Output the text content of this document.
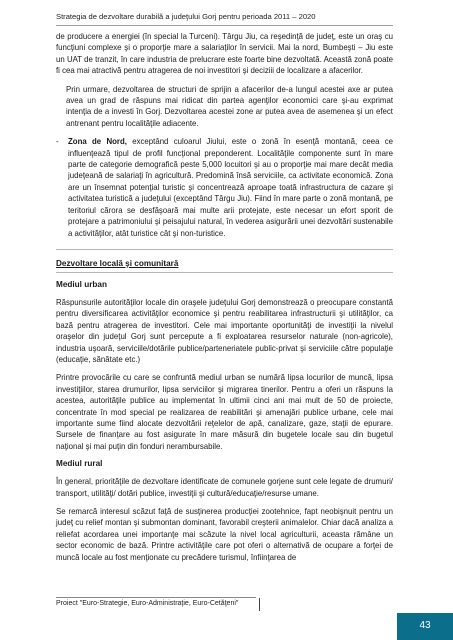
Strategia de dezvoltare durabilă a judeţului Gorj pentru perioada 2011 – 2020

de producere a energiei (în special la Turceni). Târgu Jiu, ca reşedinţă de judeţ, este un oraş cu funcţiuni complexe şi o proporţie mare a salariaţilor în servicii. Mai la nord, Bumbeşti – Jiu este un UAT de tranzit, în care industria de prelucrare este foarte bine dezvoltată. Această zonă poate fi cea mai atractivă pentru atragerea de noi investitori şi deciziii de localizare a afacerilor.

Prin urmare, dezvoltarea de structuri de sprijin a afacerilor de-a lungul acestei axe ar putea avea un grad de răspuns mai ridicat din partea agenţilor economici care şi-au exprimat intenţia de a investi în Gorj. Dezvoltarea acestei zone ar putea avea de asemenea şi un efect antrenant pentru localităţile adiacente.

-	Zona de Nord, exceptând culoarul Jiului, este o zonă în esenţă montană, ceea ce influenţează tipul de profil funcţional preponderent. Localităţile componente sunt în mare parte de categorie demografică peste 5,000 locuitori şi au o proporţie mai mare decât media judeţeană de salariaţi în agricultură. Predomină însă serviciile, ca activitate economică. Zona are un însemnat potenţial turistic şi concentrează aproape toată infrastructura de cazare şi activitatea turistică a judeţului (exceptând Târgu Jiu). Fiind în mare parte o zonă montană, pe teritoriul cărora se desfăşoară mai multe arii protejate, este necesar un efort sporit de protejare a patrimoniului şi peisajului natural, în vederea asigurării unei dezvoltări sustenabile a activităţilor, atât turistice cât şi non-turistice.

Dezvoltare locală şi comunitară
Mediul urban

Răspunsurile autorităţilor locale din oraşele judeţului Gorj demonstrează o preocupare constantă pentru diversificarea activităţilor economice şi pentru reabilitarea infrastructurii şi utilităţilor, ca bază pentru atragerea de investitori. Cele mai importante oportunităţi de investiţii la nivelul oraşelor din judeţul Gorj sunt percepute a fi exploatarea resurselor naturale (non-agricole), industria uşoară, serviciile/dotările publice/parteneriatele public-privat şi serviciile către populaţie (educaţie, sănătate etc.)

Printre provocările cu care se confruntă mediul urban se numără lipsa locurilor de muncă, lipsa investiţiilor, starea drumurilor, lipsa serviciilor şi migrarea tinerilor. Pentru a oferi un răspuns la acestea, autorităţile publice au implementat în ultimii cinci ani mai mult de 50 de proiecte, concentrate în mod special pe realizarea de reabilitări şi amenajări publice urbane, cele mai importante sume fiind alocate dezvoltării reţelelor de apă, canalizare, gaze, staţii de epurare. Sursele de finanţare au fost asigurate în mare măsură din bugetele locale sau din bugetul naţional şi mai puţin din fonduri nerambursabile.

Mediul rural

În general, priorităţile de dezvoltare identificate de comunele gorjene sunt cele legate de drumuri/ transport, utilităţi/ dotări publice, investiţii şi cultură/educaţie/resurse umane.

Se remarcă interesul scăzut faţă de susţinerea producţiei zootehnice, fapt neobişnuit pentru un judeţ cu relief montan şi submontan dominant, favorabil creşterii animalelor. Chiar dacă analiza a reliefat acordarea unei importanţe mai scăzute la nivel local agriculturii, aceasta rămâne un sector economic de bază. Printre activităţile care pot oferi o alternativă de ocupare a forţei de muncă locale au fost menţionate cu precădere turismul, înfiinţarea de

Proiect "Euro-Strategie, Euro-Administraţie, Euro-Cetăţeni"
43
